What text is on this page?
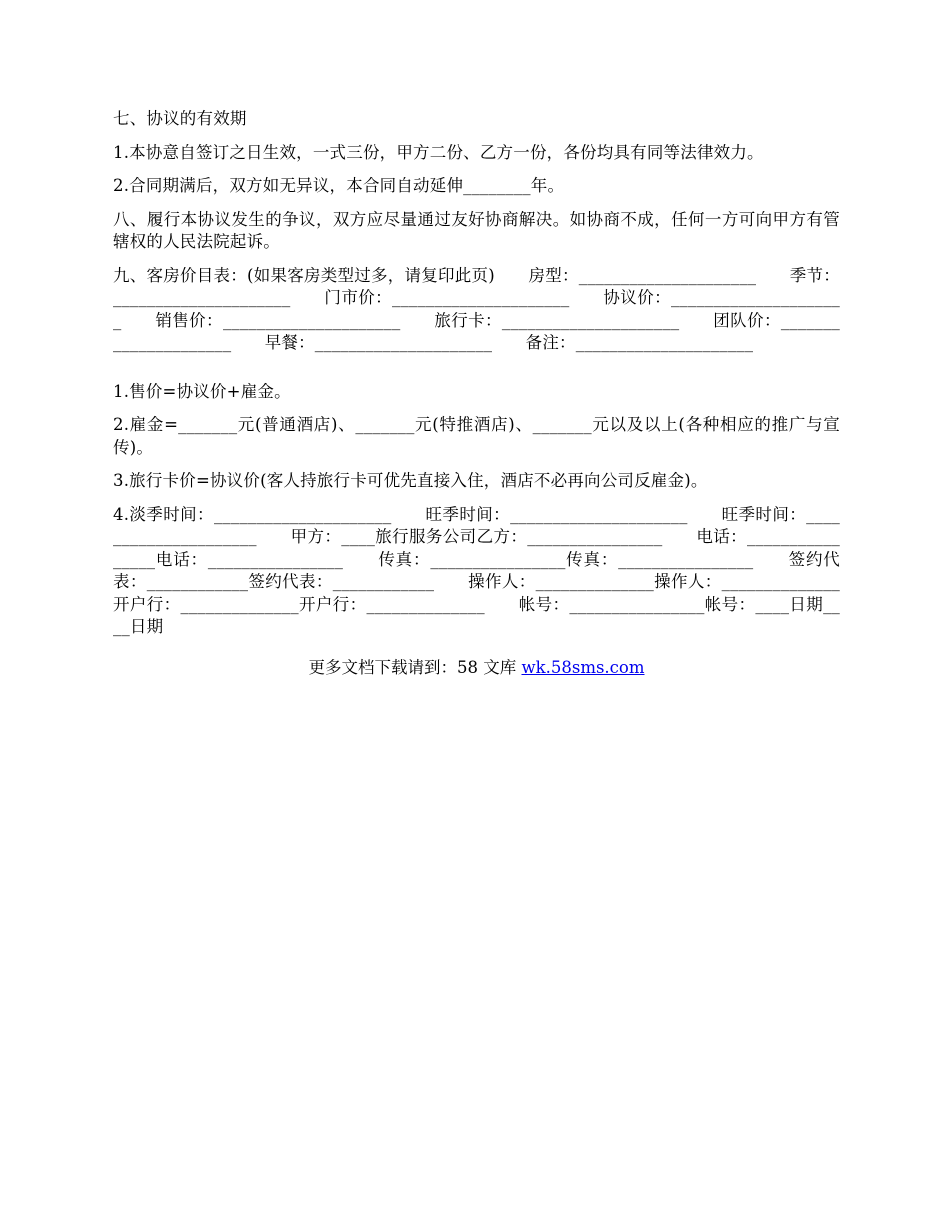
七、协议的有效期

1.本协意自签订之日生效，一式三份，甲方二份、乙方一份，各份均具有同等法律效力。

2.合同期满后，双方如无异议，本合同自动延伸________年。

八、履行本协议发生的争议，双方应尽量通过友好协商解决。如协商不成，任何一方可向甲方有管辖权的人民法院起诉。

九、客房价目表：(如果客房类型过多，请复印此页)　　房型：_____________________　　季节：_____________________　　门市价：_____________________　　协议价：_____________________　　销售价：_____________________　　旅行卡：_____________________　　团队价：_____________________　　早餐：_____________________　　备注：_____________________

1.售价=协议价+雇金。

2.雇金=_______元(普通酒店)、_______元(特推酒店)、_______元以及以上(各种相应的推广与宣传)。

3.旅行卡价=协议价(客人持旅行卡可优先直接入住，酒店不必再向公司反雇金)。

4.淡季时间：_____________________　　旺季时间：_____________________　　旺季时间：_____________________　　甲方：____旅行服务公司乙方：________________　　电话：________________电话：________________　　传真：________________传真：________________　　签约代表：____________签约代表：____________　　操作人：______________操作人：______________　　开户行：______________开户行：______________　　帐号：________________帐号：____日期____日期

更多文档下载请到：58 文库 wk.58sms.com
